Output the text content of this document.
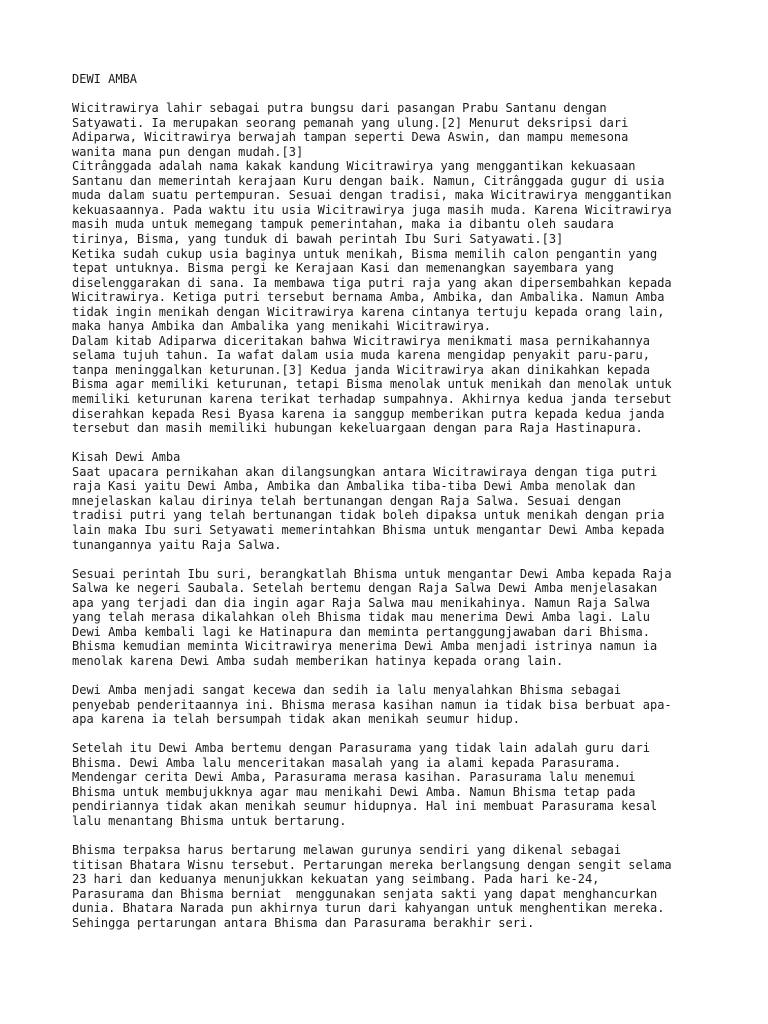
DEWI AMBA

Wicitrawirya lahir sebagai putra bungsu dari pasangan Prabu Santanu dengan
Satyawati. Ia merupakan seorang pemanah yang ulung.[2] Menurut deksripsi dari
Adiparwa, Wicitrawirya berwajah tampan seperti Dewa Aswin, dan mampu memesona
wanita mana pun dengan mudah.[3]

Citrânggada adalah nama kakak kandung Wicitrawirya yang menggantikan kekuasaan
Santanu dan memerintah kerajaan Kuru dengan baik. Namun, Citrânggada gugur di usia
muda dalam suatu pertempuran. Sesuai dengan tradisi, maka Wicitrawirya menggantikan
kekuasaannya. Pada waktu itu usia Wicitrawirya juga masih muda. Karena Wicitrawirya
masih muda untuk memegang tampuk pemerintahan, maka ia dibantu oleh saudara
tirinya, Bisma, yang tunduk di bawah perintah Ibu Suri Satyawati.[3]

Ketika sudah cukup usia baginya untuk menikah, Bisma memilih calon pengantin yang
tepat untuknya. Bisma pergi ke Kerajaan Kasi dan memenangkan sayembara yang
diselenggarakan di sana. Ia membawa tiga putri raja yang akan dipersembahkan kepada
Wicitrawirya. Ketiga putri tersebut bernama Amba, Ambika, dan Ambalika. Namun Amba
tidak ingin menikah dengan Wicitrawirya karena cintanya tertuju kepada orang lain,
maka hanya Ambika dan Ambalika yang menikahi Wicitrawirya.

Dalam kitab Adiparwa diceritakan bahwa Wicitrawirya menikmati masa pernikahannya
selama tujuh tahun. Ia wafat dalam usia muda karena mengidap penyakit paru-paru,
tanpa meninggalkan keturunan.[3] Kedua janda Wicitrawirya akan dinikahkan kepada
Bisma agar memiliki keturunan, tetapi Bisma menolak untuk menikah dan menolak untuk
memiliki keturunan karena terikat terhadap sumpahnya. Akhirnya kedua janda tersebut
diserahkan kepada Resi Byasa karena ia sanggup memberikan putra kepada kedua janda
tersebut dan masih memiliki hubungan kekeluargaan dengan para Raja Hastinapura.

Kisah Dewi Amba

Saat upacara pernikahan akan dilangsungkan antara Wicitrawiraya dengan tiga putri
raja Kasi yaitu Dewi Amba, Ambika dan Ambalika tiba-tiba Dewi Amba menolak dan
mnejelaskan kalau dirinya telah bertunangan dengan Raja Salwa. Sesuai dengan
tradisi putri yang telah bertunangan tidak boleh dipaksa untuk menikah dengan pria
lain maka Ibu suri Setyawati memerintahkan Bhisma untuk mengantar Dewi Amba kepada
tunangannya yaitu Raja Salwa.

Sesuai perintah Ibu suri, berangkatlah Bhisma untuk mengantar Dewi Amba kepada Raja
Salwa ke negeri Saubala. Setelah bertemu dengan Raja Salwa Dewi Amba menjelasakan
apa yang terjadi dan dia ingin agar Raja Salwa mau menikahinya. Namun Raja Salwa
yang telah merasa dikalahkan oleh Bhisma tidak mau menerima Dewi Amba lagi. Lalu
Dewi Amba kembali lagi ke Hatinapura dan meminta pertanggungjawaban dari Bhisma.
Bhisma kemudian meminta Wicitrawirya menerima Dewi Amba menjadi istrinya namun ia
menolak karena Dewi Amba sudah memberikan hatinya kepada orang lain.

Dewi Amba menjadi sangat kecewa dan sedih ia lalu menyalahkan Bhisma sebagai
penyebab penderitaannya ini. Bhisma merasa kasihan namun ia tidak bisa berbuat apa-
apa karena ia telah bersumpah tidak akan menikah seumur hidup.

Setelah itu Dewi Amba bertemu dengan Parasurama yang tidak lain adalah guru dari
Bhisma. Dewi Amba lalu menceritakan masalah yang ia alami kepada Parasurama.
Mendengar cerita Dewi Amba, Parasurama merasa kasihan. Parasurama lalu menemui
Bhisma untuk membujukknya agar mau menikahi Dewi Amba. Namun Bhisma tetap pada
pendiriannya tidak akan menikah seumur hidupnya. Hal ini membuat Parasurama kesal
lalu menantang Bhisma untuk bertarung.

Bhisma terpaksa harus bertarung melawan gurunya sendiri yang dikenal sebagai
titisan Bhatara Wisnu tersebut. Pertarungan mereka berlangsung dengan sengit selama
23 hari dan keduanya menunjukkan kekuatan yang seimbang. Pada hari ke-24,
Parasurama dan Bhisma berniat  menggunakan senjata sakti yang dapat menghancurkan
dunia. Bhatara Narada pun akhirnya turun dari kahyangan untuk menghentikan mereka.
Sehingga pertarungan antara Bhisma dan Parasurama berakhir seri.
